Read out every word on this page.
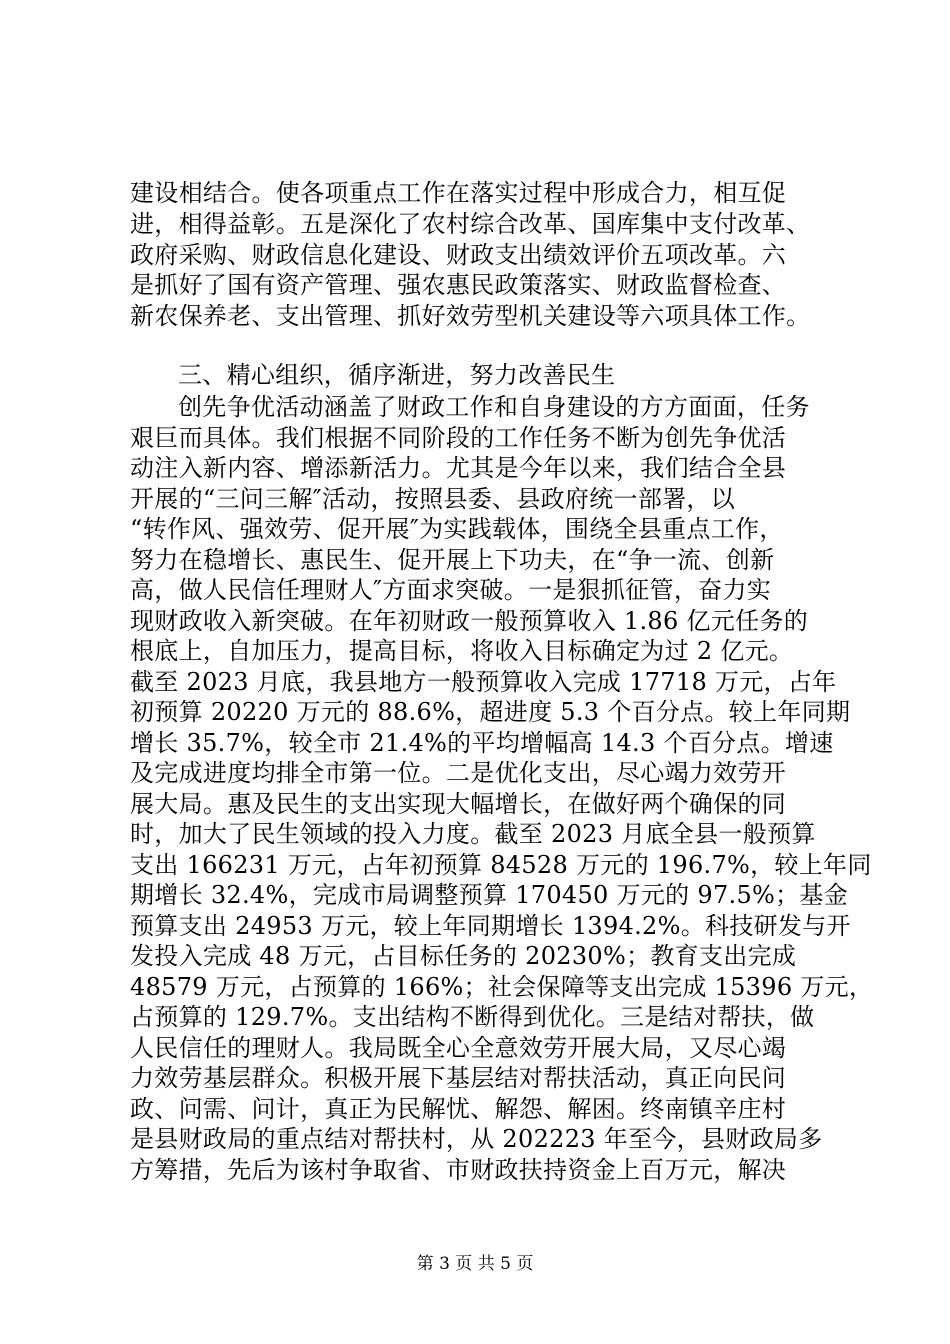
建设相结合。使各项重点工作在落实过程中形成合力，相互促
进，相得益彰。五是深化了农村综合改革、国库集中支付改革、
政府采购、财政信息化建设、财政支出绩效评价五项改革。六
是抓好了国有资产管理、强农惠民政策落实、财政监督检查、
新农保养老、支出管理、抓好效劳型机关建设等六项具体工作。
三、精心组织，循序渐进，努力改善民生
创先争优活动涵盖了财政工作和自身建设的方方面面，任务
艰巨而具体。我们根据不同阶段的工作任务不断为创先争优活
动注入新内容、增添新活力。尤其是今年以来，我们结合全县
开展的“三问三解″活动，按照县委、县政府统一部署，以
“转作风、强效劳、促开展″为实践载体，围绕全县重点工作，
努力在稳增长、惠民生、促开展上下功夫，在“争一流、创新
高，做人民信任理财人″方面求突破。一是狠抓征管，奋力实
现财政收入新突破。在年初财政一般预算收入 1.86 亿元任务的
根底上，自加压力，提高目标，将收入目标确定为过 2 亿元。
截至 2023 月底，我县地方一般预算收入完成 17718 万元，占年
初预算 20220 万元的 88.6%，超进度 5.3 个百分点。较上年同期
增长 35.7%，较全市 21.4%的平均增幅高 14.3 个百分点。增速
及完成进度均排全市第一位。二是优化支出，尽心竭力效劳开
展大局。惠及民生的支出实现大幅增长，在做好两个确保的同
时，加大了民生领域的投入力度。截至 2023 月底全县一般预算
支出 166231 万元，占年初预算 84528 万元的 196.7%，较上年同
期增长 32.4%，完成市局调整预算 170450 万元的 97.5%；基金
预算支出 24953 万元，较上年同期增长 1394.2%。科技研发与开
发投入完成 48 万元，占目标任务的 20230%；教育支出完成
48579 万元，占预算的 166%；社会保障等支出完成 15396 万元，
占预算的 129.7%。支出结构不断得到优化。三是结对帮扶，做
人民信任的理财人。我局既全心全意效劳开展大局，又尽心竭
力效劳基层群众。积极开展下基层结对帮扶活动，真正向民问
政、问需、问计，真正为民解忧、解怨、解困。终南镇辛庄村
是县财政局的重点结对帮扶村，从 202223 年至今，县财政局多
方筹措，先后为该村争取省、市财政扶持资金上百万元，解决
第 3 页 共 5 页
